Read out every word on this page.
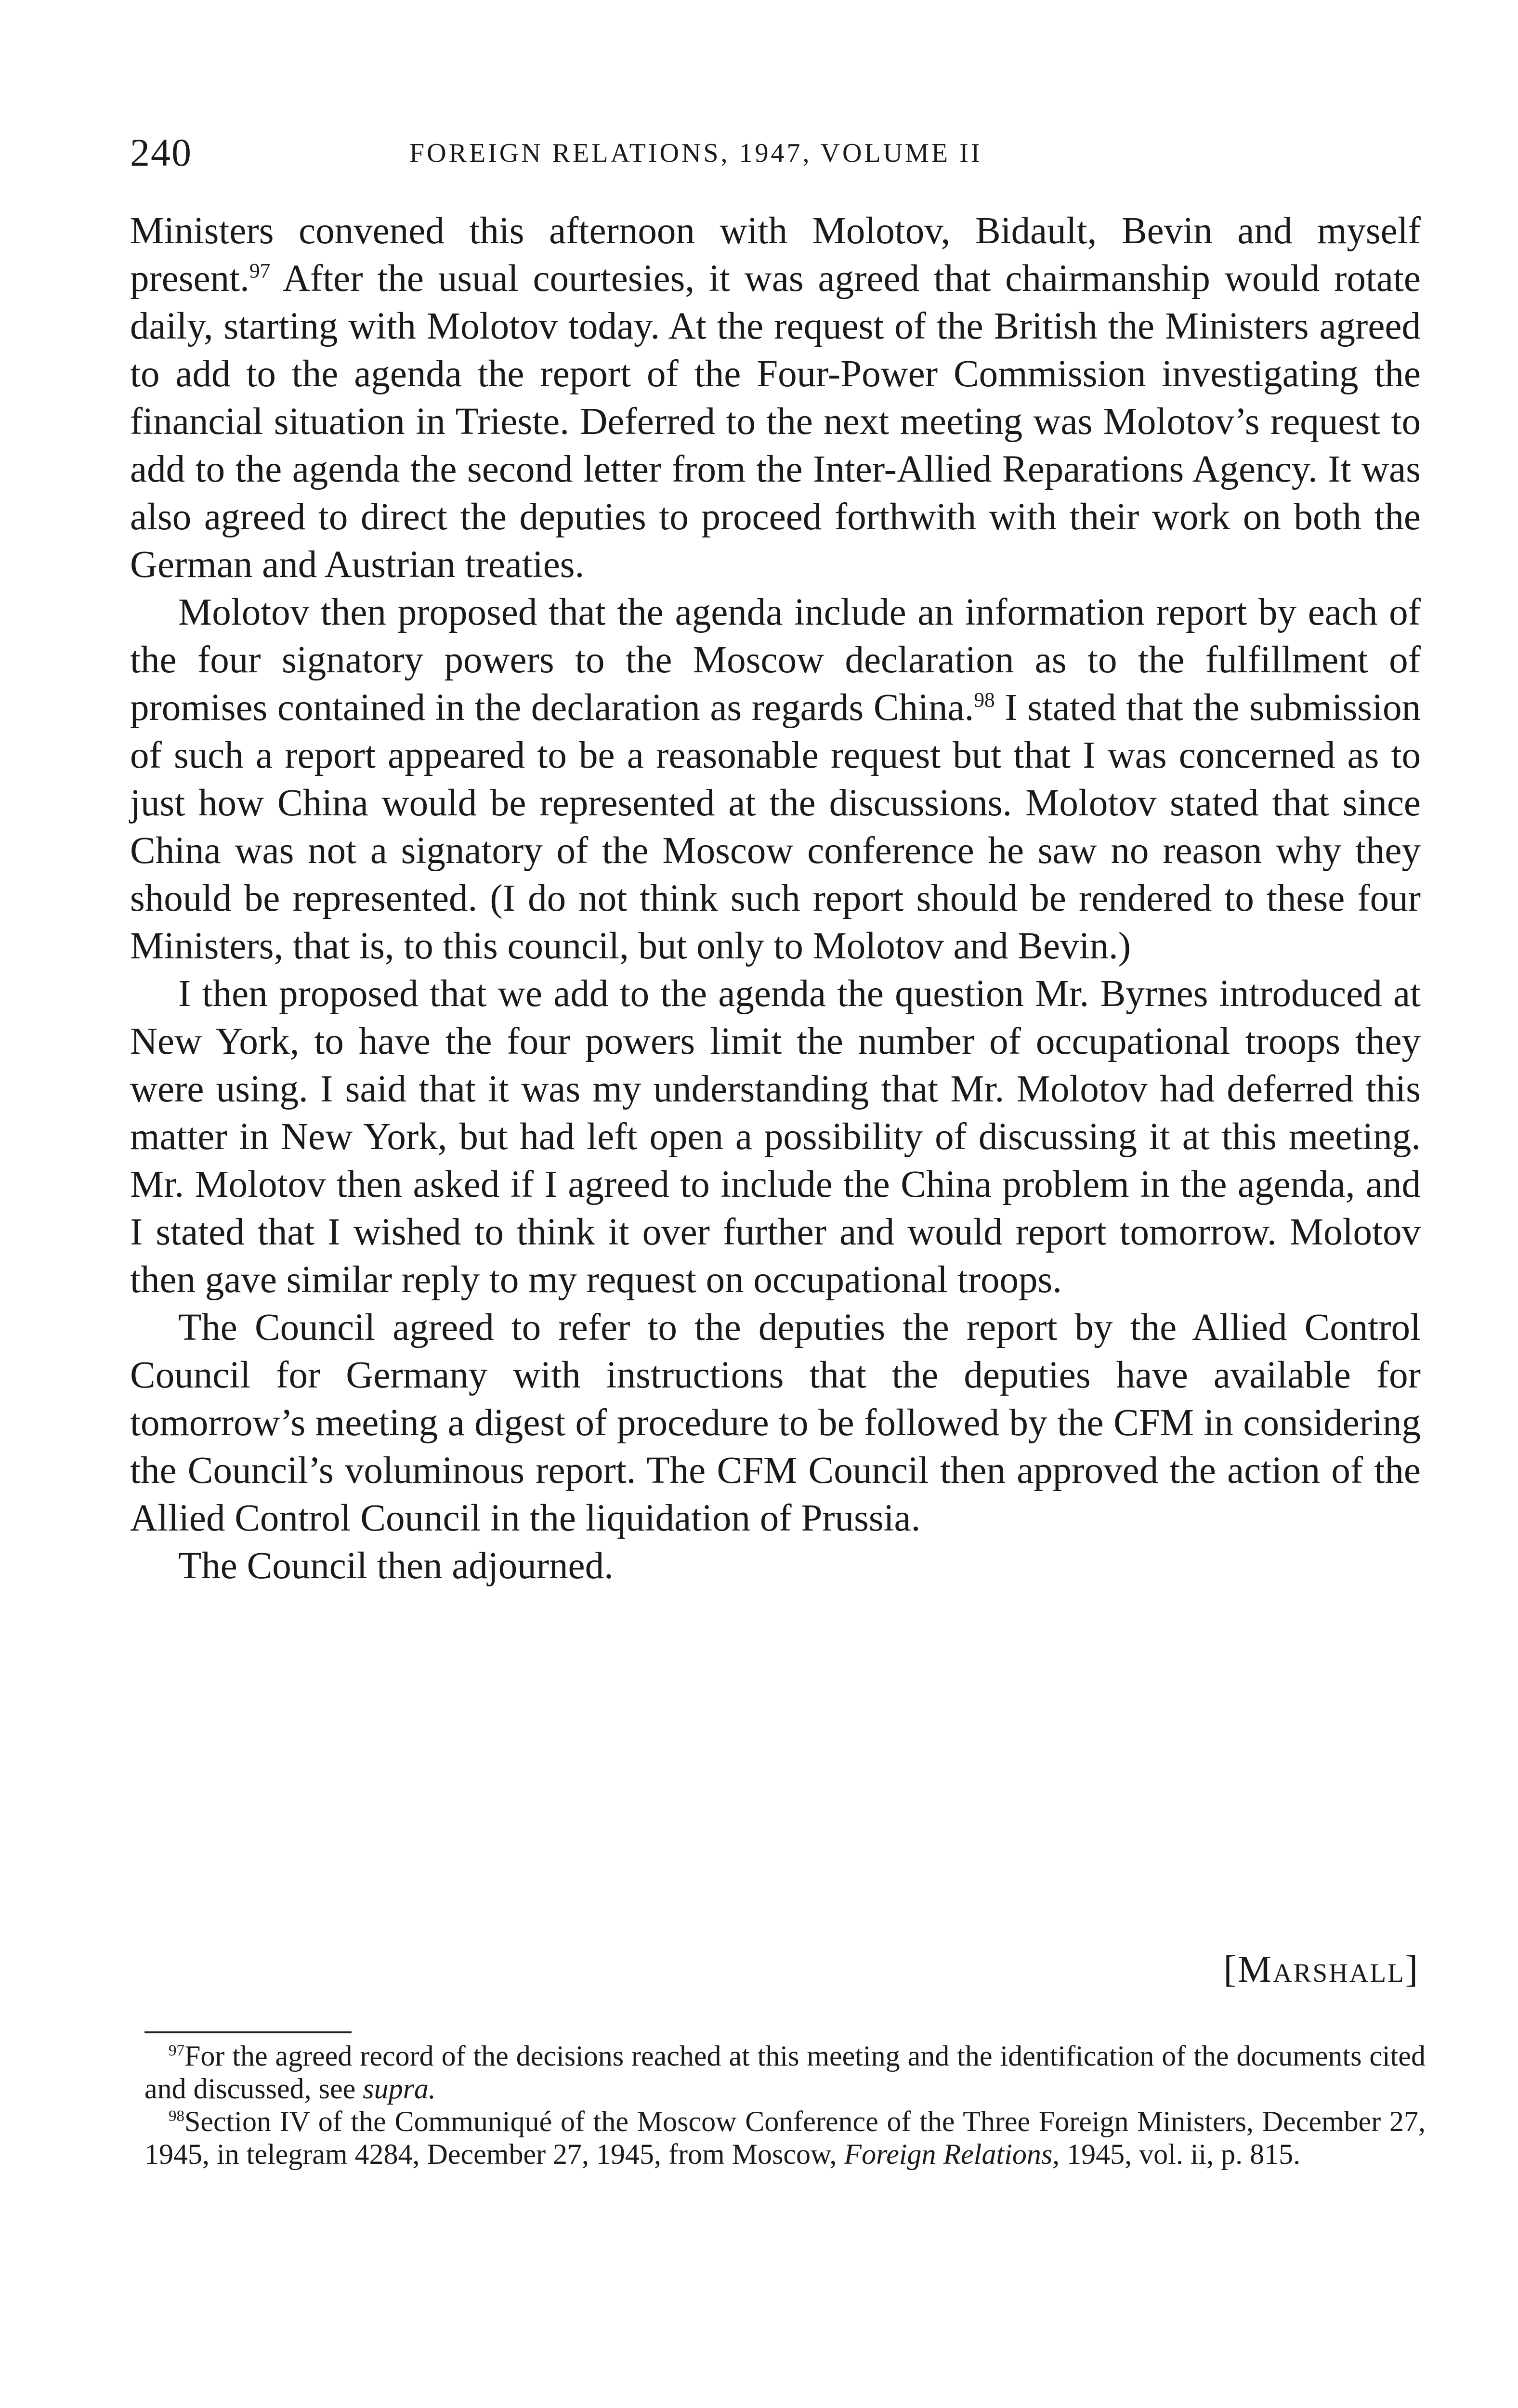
240	FOREIGN RELATIONS, 1947, VOLUME II

Ministers convened this afternoon with Molotov, Bidault, Bevin and myself present.$^{97}$ After the usual courtesies, it was agreed that chairmanship would rotate daily, starting with Molotov today. At the request of the British the Ministers agreed to add to the agenda the report of the Four-Power Commission investigating the financial situation in Trieste. Deferred to the next meeting was Molotov’s request to add to the agenda the second letter from the Inter-Allied Reparations Agency. It was also agreed to direct the deputies to proceed forthwith with their work on both the German and Austrian treaties.

Molotov then proposed that the agenda include an information report by each of the four signatory powers to the Moscow declaration as to the fulfillment of promises contained in the declaration as regards China.$^{98}$ I stated that the submission of such a report appeared to be a reasonable request but that I was concerned as to just how China would be represented at the discussions. Molotov stated that since China was not a signatory of the Moscow conference he saw no reason why they should be represented. (I do not think such report should be rendered to these four Ministers, that is, to this council, but only to Molotov and Bevin.)

I then proposed that we add to the agenda the question Mr. Byrnes introduced at New York, to have the four powers limit the number of occupational troops they were using. I said that it was my understanding that Mr. Molotov had deferred this matter in New York, but had left open a possibility of discussing it at this meeting. Mr. Molotov then asked if I agreed to include the China problem in the agenda, and I stated that I wished to think it over further and would report tomorrow. Molotov then gave similar reply to my request on occupational troops.

The Council agreed to refer to the deputies the report by the Allied Control Council for Germany with instructions that the deputies have available for tomorrow’s meeting a digest of procedure to be followed by the CFM in considering the Council’s voluminous report. The CFM Council then approved the action of the Allied Control Council in the liquidation of Prussia.

The Council then adjourned.

[Marshall]

$^{97}$For the agreed record of the decisions reached at this meeting and the identification of the documents cited and discussed, see supra.

$^{98}$Section IV of the Communiqué of the Moscow Conference of the Three Foreign Ministers, December 27, 1945, in telegram 4284, December 27, 1945, from Moscow, Foreign Relations, 1945, vol. ii, p. 815.
